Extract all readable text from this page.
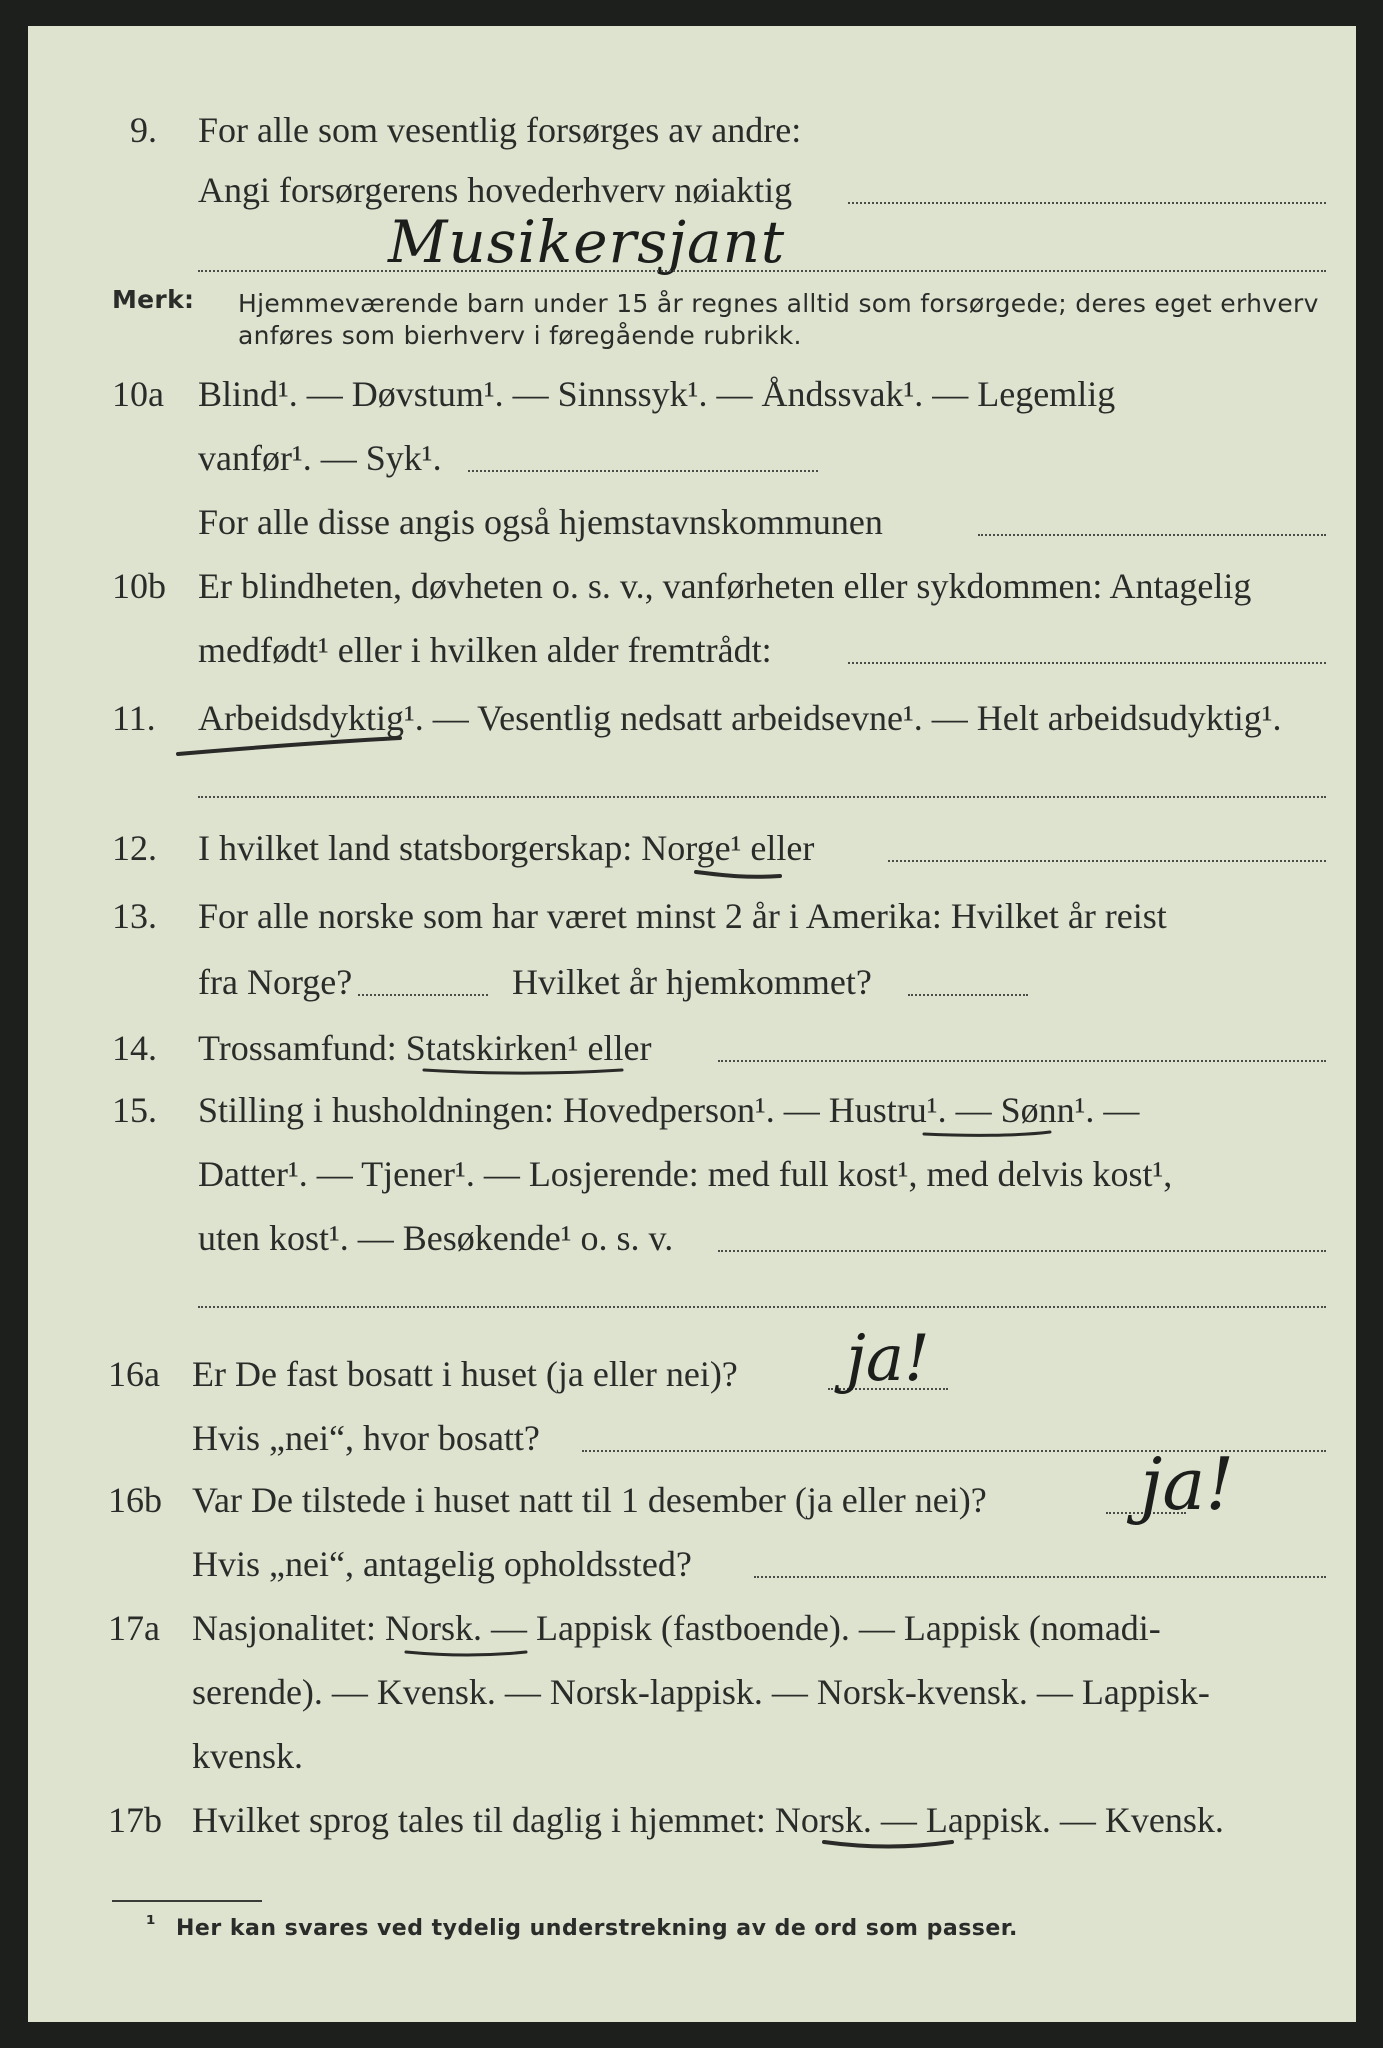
9. For alle som vesentlig forsørges av andre:
Angi forsørgerens hovederhverv nøiaktig
Musikersjant
Merk: Hjemmeværende barn under 15 år regnes alltid som forsørgede; deres eget erhverv
anføres som bierhverv i føregående rubrikk.
10a Blind¹. — Døvstum¹. — Sinnssyk¹. — Åndssvak¹. — Legemlig
vanfør¹. — Syk¹.
For alle disse angis også hjemstavnskommunen
10b Er blindheten, døvheten o. s. v., vanførheten eller sykdommen: Antagelig
medfødt¹ eller i hvilken alder fremtrådt:
11. Arbeidsdyktig¹. — Vesentlig nedsatt arbeidsevne¹. — Helt arbeidsudyktig¹.
12. I hvilket land statsborgerskap: Norge¹ eller
13. For alle norske som har været minst 2 år i Amerika: Hvilket år reist
fra Norge?	Hvilket år hjemkommet?
14. Trossamfund: Statskirken¹ eller
15. Stilling i husholdningen: Hovedperson¹. — Hustru¹. — Sønn¹. —
Datter¹. — Tjener¹. — Losjerende: med full kost¹, med delvis kost¹,
uten kost¹. — Besøkende¹ o. s. v.
16a Er De fast bosatt i huset (ja eller nei)? ja!
Hvis „nei“, hvor bosatt?
16b Var De tilstede i huset natt til 1 desember (ja eller nei)? ja!
Hvis „nei“, antagelig opholdssted?
17a Nasjonalitet: Norsk. — Lappisk (fastboende). — Lappisk (nomadi-
serende). — Kvensk. — Norsk-lappisk. — Norsk-kvensk. — Lappisk-
kvensk.
17b Hvilket sprog tales til daglig i hjemmet: Norsk. — Lappisk. — Kvensk.
¹ Her kan svares ved tydelig understrekning av de ord som passer.
